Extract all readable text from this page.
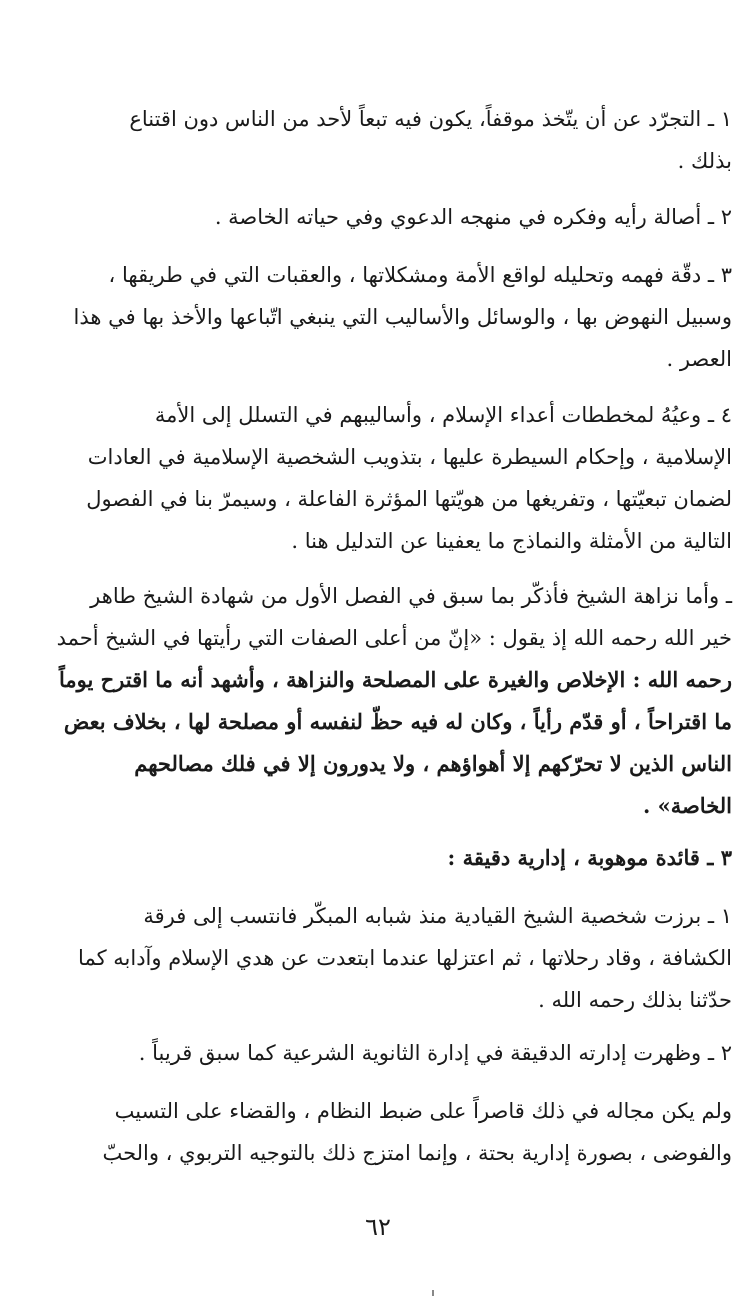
١ ـ التجرّد عن أن يتّخذ موقفاً، يكون فيه تبعاً لأحد من الناس دون اقتناع
بذلك .
٢ ـ أصالة رأيه وفكره في منهجه الدعوي وفي حياته الخاصة .
٣ ـ دقّة فهمه وتحليله لواقع الأمة ومشكلاتها ، والعقبات التي في طريقها ،
وسبيل النهوض بها ، والوسائل والأساليب التي ينبغي اتّباعها والأخذ بها في هذا
العصر .
٤ ـ وعيُهُ لمخططات أعداء الإسلام ، وأساليبهم في التسلل إلى الأمة
الإسلامية ، وإحكام السيطرة عليها ، بتذويب الشخصية الإسلامية في العادات
لضمان تبعيّتها ، وتفريغها من هويّتها المؤثرة الفاعلة ، وسيمرّ بنا في الفصول
التالية من الأمثلة والنماذج ما يعفينا عن التدليل هنا .
ـ وأما نزاهة الشيخ فأذكّر بما سبق في الفصل الأول من شهادة الشيخ طاهر
خير الله رحمه الله إذ يقول : «إنّ من أعلى الصفات التي رأيتها في الشيخ أحمد
رحمه الله : الإخلاص والغيرة على المصلحة والنزاهة ، وأشهد أنه ما اقترح يوماً
ما اقتراحاً ، أو قدّم رأياً ، وكان له فيه حظّ لنفسه أو مصلحة لها ، بخلاف بعض
الناس الذين لا تحرّكهم إلا أهواؤهم ، ولا يدورون إلا في فلك مصالحهم
الخاصة» .
٣ ـ قائدة موهوبة ، إدارية دقيقة :
١ ـ برزت شخصية الشيخ القيادية منذ شبابه المبكّر فانتسب إلى فرقة
الكشافة ، وقاد رحلاتها ، ثم اعتزلها عندما ابتعدت عن هدي الإسلام وآدابه كما
حدّثنا بذلك رحمه الله .
٢ ـ وظهرت إدارته الدقيقة في إدارة الثانوية الشرعية كما سبق قريباً .
ولم يكن مجاله في ذلك قاصراً على ضبط النظام ، والقضاء على التسيب
والفوضى ، بصورة إدارية بحتة ، وإنما امتزج ذلك بالتوجيه التربوي ، والحبّ
٦٢
